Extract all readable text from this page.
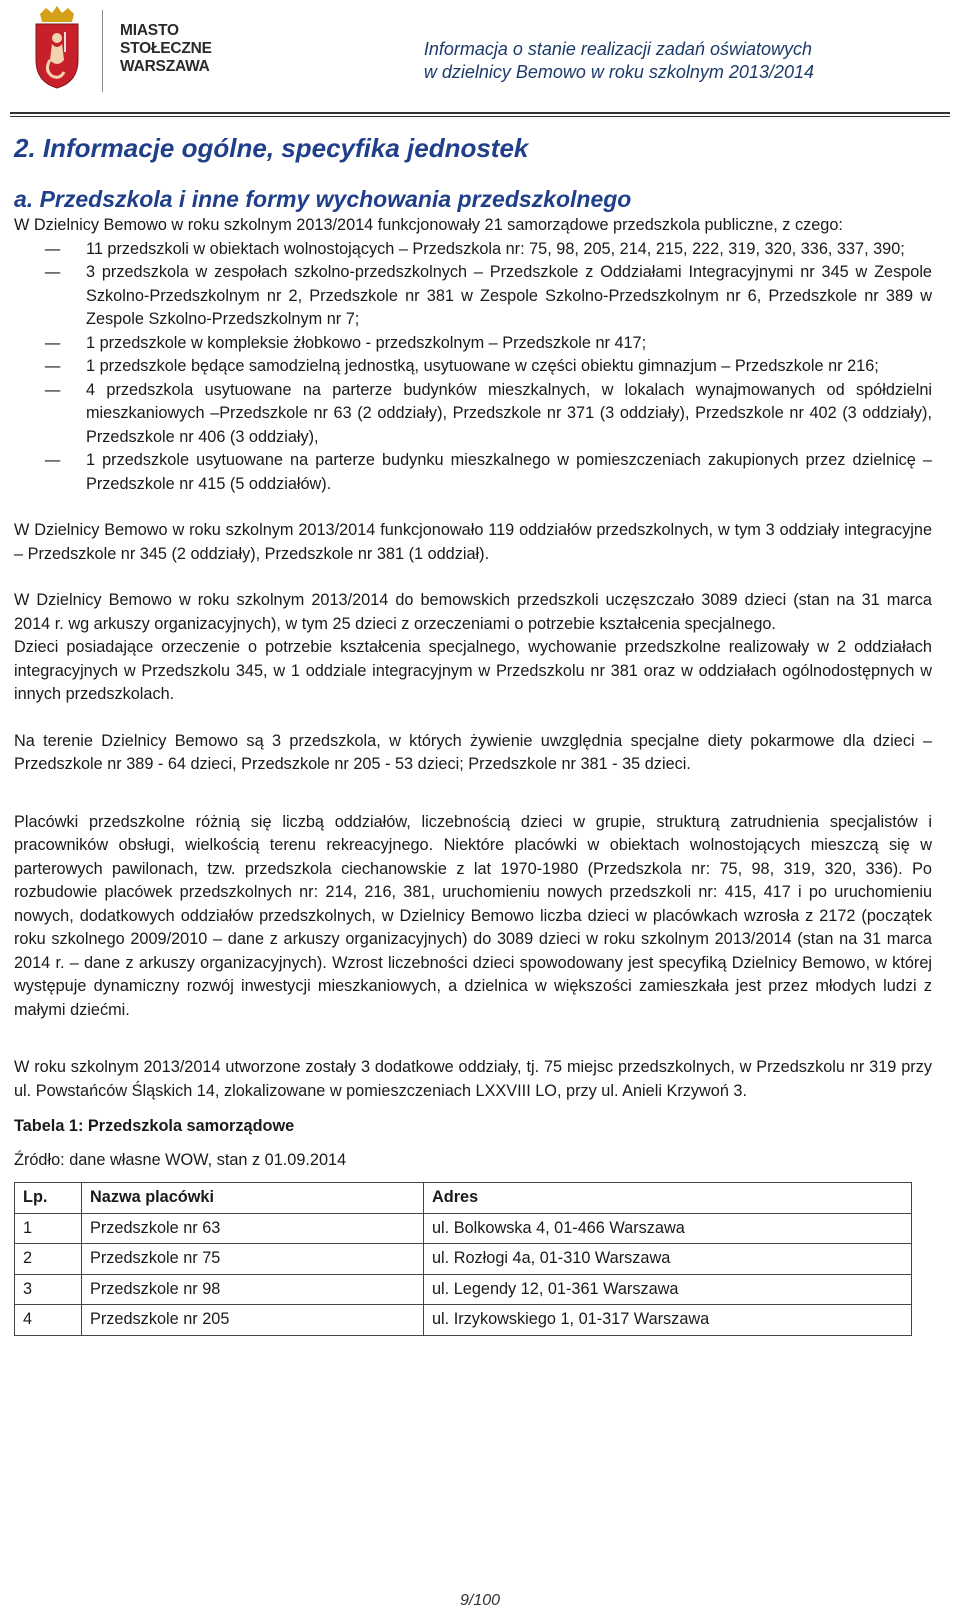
MIASTO
STOŁECZNE
WARSZAWA
Informacja o stanie realizacji zadań oświatowych
w dzielnicy Bemowo w roku szkolnym 2013/2014
2. Informacje ogólne, specyfika jednostek
a. Przedszkola i inne formy wychowania przedszkolnego

W Dzielnicy Bemowo w roku szkolnym 2013/2014 funkcjonowały 21 samorządowe przedszkola publiczne, z czego:

– 11 przedszkoli w obiektach wolnostojących – Przedszkola nr: 75, 98, 205, 214, 215, 222, 319, 320, 336, 337, 390;
– 3 przedszkola w zespołach szkolno-przedszkolnych – Przedszkole z Oddziałami Integracyjnymi nr 345 w Zespole Szkolno-Przedszkolnym nr 2, Przedszkole nr 381 w Zespole Szkolno-Przedszkolnym nr 6, Przedszkole nr 389 w Zespole Szkolno-Przedszkolnym nr 7;
– 1 przedszkole w kompleksie żłobkowo - przedszkolnym – Przedszkole nr 417;
– 1 przedszkole będące samodzielną jednostką, usytuowane w części obiektu gimnazjum – Przedszkole nr 216;
– 4 przedszkola usytuowane na parterze budynków mieszkalnych, w lokalach wynajmowanych od spółdzielni mieszkaniowych –Przedszkole nr 63 (2 oddziały), Przedszkole nr 371 (3 oddziały), Przedszkole nr 402 (3 oddziały), Przedszkole nr 406 (3 oddziały),
– 1 przedszkole usytuowane na parterze budynku mieszkalnego w pomieszczeniach zakupionych przez dzielnicę – Przedszkole nr 415 (5 oddziałów).

W Dzielnicy Bemowo w roku szkolnym 2013/2014 funkcjonowało 119 oddziałów przedszkolnych, w tym 3 oddziały integracyjne – Przedszkole nr 345 (2 oddziały), Przedszkole nr 381 (1 oddział).

W Dzielnicy Bemowo w roku szkolnym 2013/2014 do bemowskich przedszkoli uczęszczało 3089 dzieci (stan na 31 marca 2014 r. wg arkuszy organizacyjnych), w tym 25 dzieci z orzeczeniami o potrzebie kształcenia specjalnego.

Dzieci posiadające orzeczenie o potrzebie kształcenia specjalnego, wychowanie przedszkolne realizowały w 2 oddziałach integracyjnych w Przedszkolu 345, w 1 oddziale integracyjnym w Przedszkolu nr 381 oraz w oddziałach ogólnodostępnych w innych przedszkolach.

Na terenie Dzielnicy Bemowo są 3 przedszkola, w których żywienie uwzględnia specjalne diety pokarmowe dla dzieci – Przedszkole nr 389 - 64 dzieci, Przedszkole nr 205 - 53 dzieci; Przedszkole nr 381 - 35 dzieci.

Placówki przedszkolne różnią się liczbą oddziałów, liczebnością dzieci w grupie, strukturą zatrudnienia specjalistów i pracowników obsługi, wielkością terenu rekreacyjnego. Niektóre placówki w obiektach wolnostojących mieszczą się w parterowych pawilonach, tzw. przedszkola ciechanowskie z lat 1970-1980 (Przedszkola nr: 75, 98, 319, 320, 336). Po rozbudowie placówek przedszkolnych nr: 214, 216, 381, uruchomieniu nowych przedszkoli nr: 415, 417 i po uruchomieniu nowych, dodatkowych oddziałów przedszkolnych, w Dzielnicy Bemowo liczba dzieci w placówkach wzrosła z 2172 (początek roku szkolnego 2009/2010 – dane z arkuszy organizacyjnych) do 3089 dzieci w roku szkolnym 2013/2014 (stan na 31 marca 2014 r. – dane z arkuszy organizacyjnych). Wzrost liczebności dzieci spowodowany jest specyfiką Dzielnicy Bemowo, w której występuje dynamiczny rozwój inwestycji mieszkaniowych, a dzielnica w większości zamieszkała jest przez młodych ludzi z małymi dziećmi.

W roku szkolnym 2013/2014 utworzone zostały 3 dodatkowe oddziały, tj. 75 miejsc przedszkolnych, w Przedszkolu nr 319 przy ul. Powstańców Śląskich 14, zlokalizowane w pomieszczeniach LXXVIII LO, przy ul. Anieli Krzywoń 3.

Tabela 1: Przedszkola samorządowe
Źródło: dane własne WOW, stan z 01.09.2014
Lp.	Nazwa placówki	Adres
1	Przedszkole nr 63	ul. Bolkowska 4, 01-466 Warszawa
2	Przedszkole nr 75	ul. Rozłogi 4a, 01-310 Warszawa
3	Przedszkole nr 98	ul. Legendy 12, 01-361 Warszawa
4	Przedszkole nr 205	ul. Irzykowskiego 1, 01-317 Warszawa
9/100
